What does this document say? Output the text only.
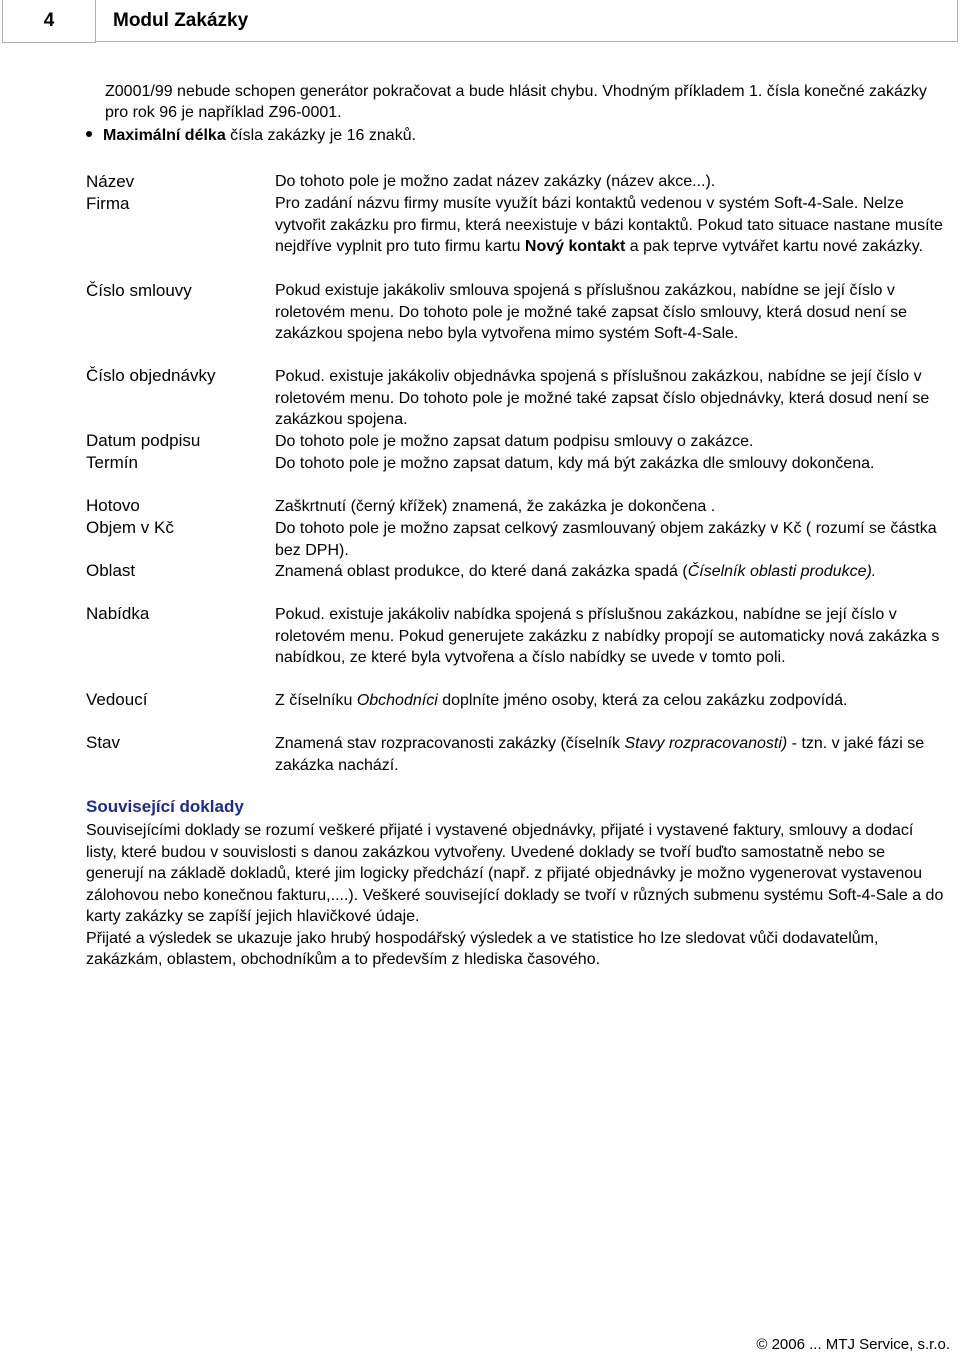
4	Modul Zakázky
Z0001/99 nebude schopen generátor pokračovat a bude hlásit chybu. Vhodným příkladem 1. čísla konečné zakázky pro rok 96 je například Z96-0001.
Maximální délka čísla zakázky je 16 znaků.
Název
Firma
Číslo smlouvy
Číslo objednávky
Datum podpisu
Termín
Hotovo
Objem v Kč
Oblast
Nabídka
Vedoucí
Stav
Do tohoto pole je možno zadat název zakázky (název akce...).
Pro zadání názvu firmy musíte využít bázi kontaktů vedenou v systém Soft-4-Sale. Nelze vytvořit zakázku pro firmu, která neexistuje v bázi kontaktů. Pokud tato situace nastane musíte nejdříve vyplnit pro tuto firmu kartu Nový kontakt a pak teprve vytvářet kartu nové zakázky.
Pokud existuje jakákoliv smlouva spojená s příslušnou zakázkou, nabídne se její číslo v roletovém menu. Do tohoto pole je možné také zapsat číslo smlouvy, která dosud není se zakázkou spojena nebo byla vytvořena mimo systém Soft-4-Sale.
Pokud. existuje jakákoliv objednávka spojená s příslušnou zakázkou, nabídne se její číslo v roletovém menu. Do tohoto pole je možné také zapsat číslo objednávky, která dosud není se zakázkou spojena.
Do tohoto pole je možno zapsat datum podpisu smlouvy o zakázce.
Do tohoto pole je možno zapsat datum, kdy má být zakázka dle smlouvy dokončena.
Zaškrtnutí (černý křížek) znamená, že zakázka je dokončena .
Do tohoto pole je možno zapsat celkový zasmlouvaný objem zakázky v Kč ( rozumí se částka bez DPH).
Znamená oblast produkce, do které daná zakázka spadá (Číselník oblasti produkce).
Pokud. existuje jakákoliv nabídka spojená s příslušnou zakázkou, nabídne se její číslo v roletovém menu. Pokud generujete zakázku z nabídky propojí se automaticky nová zakázka s nabídkou, ze které byla vytvořena a číslo nabídky se uvede v tomto poli.
Z číselníku Obchodníci doplníte jméno osoby, která za celou zakázku zodpovídá.
Znamená stav rozpracovanosti zakázky (číselník Stavy rozpracovanosti) - tzn. v jaké fázi se zakázka nachází.
Související doklady
Souvisejícími doklady se rozumí veškeré přijaté i vystavené objednávky, přijaté i vystavené faktury, smlouvy a dodací listy, které budou v souvislosti s danou zakázkou vytvořeny. Uvedené doklady se tvoří buďto samostatně nebo se generují na základě dokladů, které jim logicky předchází (např. z přijaté objednávky je možno vygenerovat vystavenou zálohovou nebo konečnou fakturu,....). Veškeré související doklady se tvoří v různých submenu systému Soft-4-Sale a do karty zakázky se zapíší jejich hlavičkové údaje.
Přijaté a výsledek se ukazuje jako hrubý hospodářský výsledek a ve statistice ho lze sledovat vůči dodavatelům, zakázkám, oblastem, obchodníkům a to především z hlediska časového.
© 2006 ... MTJ Service, s.r.o.
